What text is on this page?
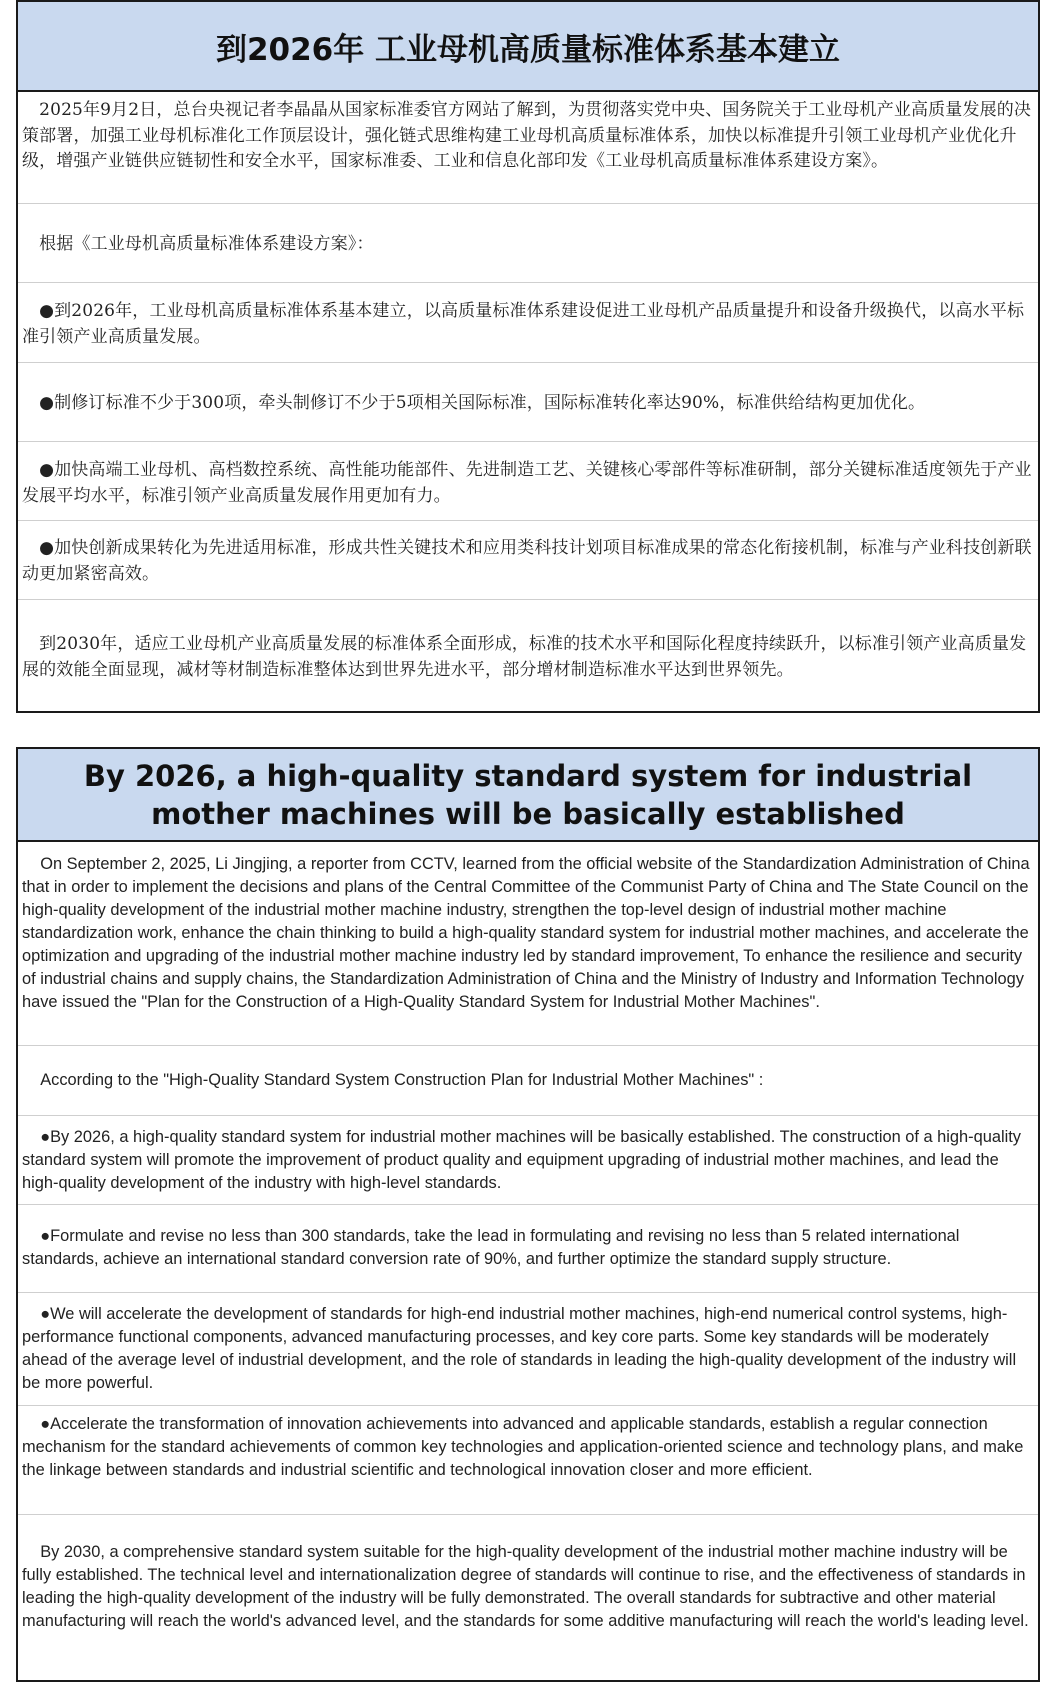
到2026年 工业母机高质量标准体系基本建立
　2025年9月2日，总台央视记者李晶晶从国家标准委官方网站了解到，为贯彻落实党中央、国务院关于工业母机产业高质量发展的决策部署，加强工业母机标准化工作顶层设计，强化链式思维构建工业母机高质量标准体系，加快以标准提升引领工业母机产业优化升级，增强产业链供应链韧性和安全水平，国家标准委、工业和信息化部印发《工业母机高质量标准体系建设方案》。
　根据《工业母机高质量标准体系建设方案》：
　●到2026年，工业母机高质量标准体系基本建立，以高质量标准体系建设促进工业母机产品质量提升和设备升级换代，以高水平标准引领产业高质量发展。
　●制修订标准不少于300项，牵头制修订不少于5项相关国际标准，国际标准转化率达90%，标准供给结构更加优化。
　●加快高端工业母机、高档数控系统、高性能功能部件、先进制造工艺、关键核心零部件等标准研制，部分关键标准适度领先于产业发展平均水平，标准引领产业高质量发展作用更加有力。
　●加快创新成果转化为先进适用标准，形成共性关键技术和应用类科技计划项目标准成果的常态化衔接机制，标准与产业科技创新联动更加紧密高效。
　到2030年，适应工业母机产业高质量发展的标准体系全面形成，标准的技术水平和国际化程度持续跃升，以标准引领产业高质量发展的效能全面显现，减材等材制造标准整体达到世界先进水平，部分增材制造标准水平达到世界领先。
By 2026, a high-quality standard system for industrial mother machines will be basically established
On September 2, 2025, Li Jingjing, a reporter from CCTV, learned from the official website of the Standardization Administration of China that in order to implement the decisions and plans of the Central Committee of the Communist Party of China and The State Council on the high-quality development of the industrial mother machine industry, strengthen the top-level design of industrial mother machine standardization work, enhance the chain thinking to build a high-quality standard system for industrial mother machines, and accelerate the optimization and upgrading of the industrial mother machine industry led by standard improvement, To enhance the resilience and security of industrial chains and supply chains, the Standardization Administration of China and the Ministry of Industry and Information Technology have issued the "Plan for the Construction of a High-Quality Standard System for Industrial Mother Machines".
According to the "High-Quality Standard System Construction Plan for Industrial Mother Machines" :
●By 2026, a high-quality standard system for industrial mother machines will be basically established. The construction of a high-quality standard system will promote the improvement of product quality and equipment upgrading of industrial mother machines, and lead the high-quality development of the industry with high-level standards.
●Formulate and revise no less than 300 standards, take the lead in formulating and revising no less than 5 related international standards, achieve an international standard conversion rate of 90%, and further optimize the standard supply structure.
●We will accelerate the development of standards for high-end industrial mother machines, high-end numerical control systems, high-performance functional components, advanced manufacturing processes, and key core parts. Some key standards will be moderately ahead of the average level of industrial development, and the role of standards in leading the high-quality development of the industry will be more powerful.
●Accelerate the transformation of innovation achievements into advanced and applicable standards, establish a regular connection mechanism for the standard achievements of common key technologies and application-oriented science and technology plans, and make the linkage between standards and industrial scientific and technological innovation closer and more efficient.
By 2030, a comprehensive standard system suitable for the high-quality development of the industrial mother machine industry will be fully established. The technical level and internationalization degree of standards will continue to rise, and the effectiveness of standards in leading the high-quality development of the industry will be fully demonstrated. The overall standards for subtractive and other material manufacturing will reach the world's advanced level, and the standards for some additive manufacturing will reach the world's leading level.
